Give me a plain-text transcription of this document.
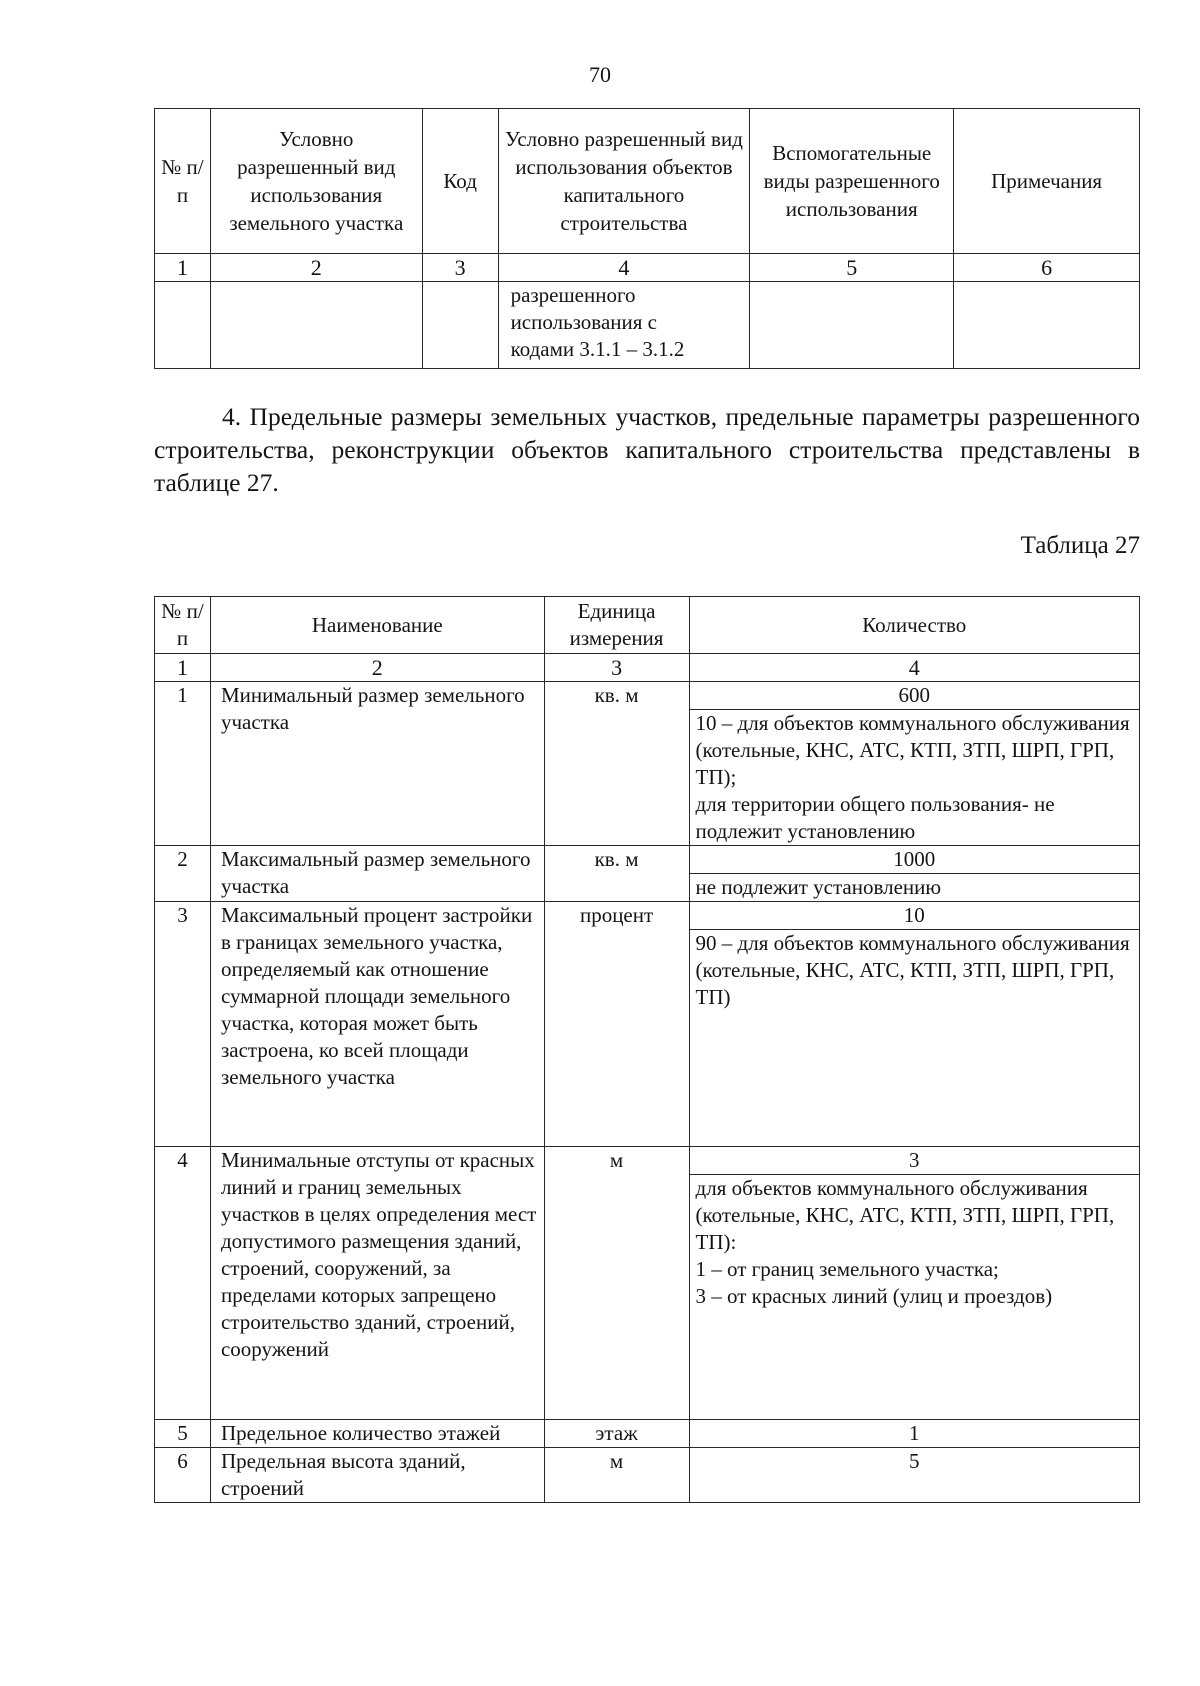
70
№ п/п	Условно разрешенный вид использования земельного участка	Код	Условно разрешенный вид использования объектов капитального строительства	Вспомогательные виды разрешенного использования	Примечания
1	2	3	4	5	6
			разрешенного использования с кодами 3.1.1 – 3.1.2		
4. Предельные размеры земельных участков, предельные параметры разрешенного строительства, реконструкции объектов капитального строительства представлены в таблице 27.
Таблица 27
№ п/п	Наименование	Единица измерения	Количество
1	2	3	4
1	Минимальный размер земельного участка	кв. м	600

			10 – для объектов коммунального обслуживания (котельные, КНС, АТС, КТП, ЗТП, ШРП, ГРП, ТП);
для территории общего пользования- не подлежит установлению

2	Максимальный размер земельного участка	кв. м	1000
			не подлежит установлению
3	Максимальный процент застройки в границах земельного участка, определяемый как отношение суммарной площади земельного участка, которая может быть застроена, ко всей площади земельного участка	процент	10
			90 – для объектов коммунального обслуживания (котельные, КНС, АТС, КТП, ЗТП, ШРП, ГРП, ТП)
4	Минимальные отступы от красных линий и границ земельных участков в целях определения мест допустимого размещения зданий, строений, сооружений, за пределами которых запрещено строительство зданий, строений, сооружений	м	3

			для объектов коммунального обслуживания (котельные, КНС, АТС, КТП, ЗТП, ШРП, ГРП, ТП):
1 – от границ земельного участка;
3 – от красных линий (улиц и проездов)

5	Предельное количество этажей	этаж	1
6	Предельная высота зданий, строений	м	5
